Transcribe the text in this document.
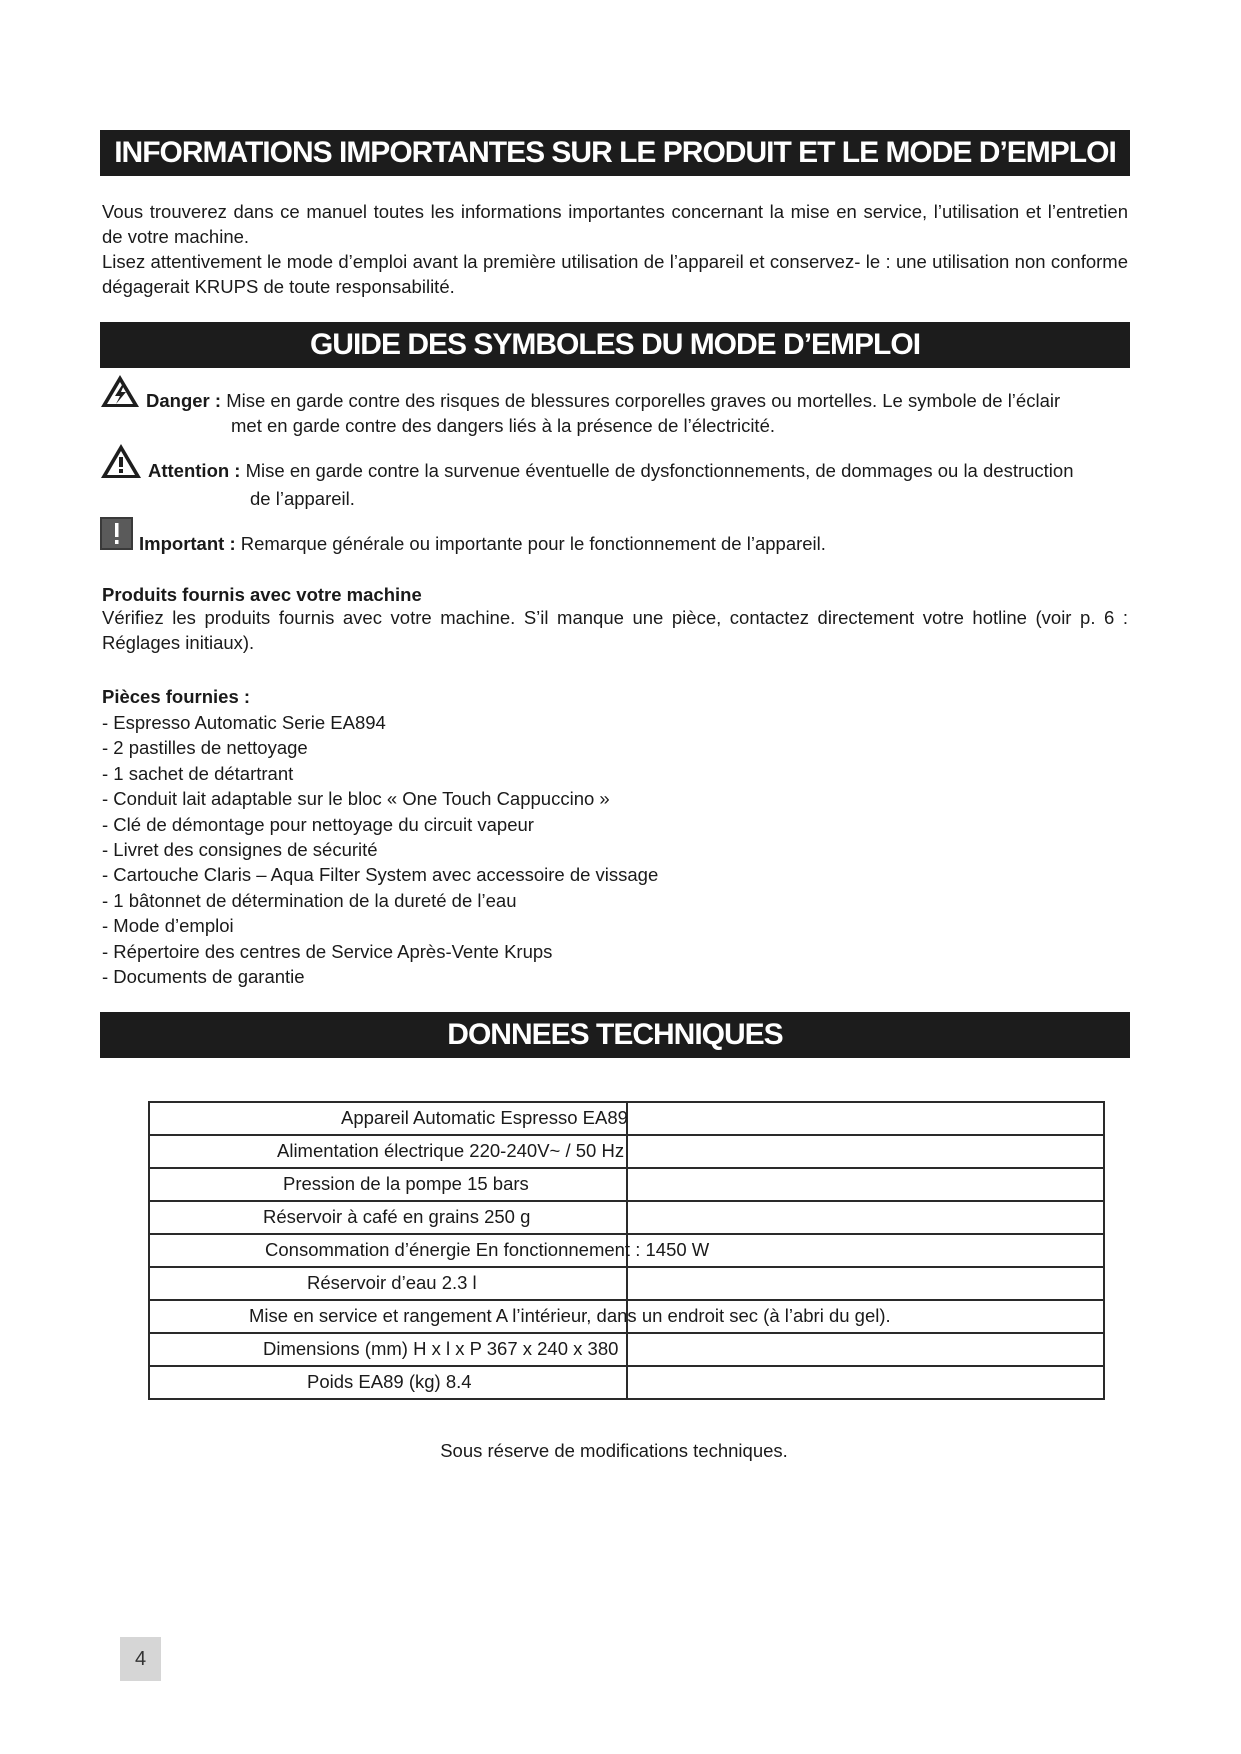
INFORMATIONS IMPORTANTES SUR LE PRODUIT ET LE MODE D’EMPLOI

Vous trouverez dans ce manuel toutes les informations importantes concernant la mise en service, l’utilisation et l’entretien de votre machine.

Lisez attentivement le mode d’emploi avant la première utilisation de l’appareil et conservez- le : une utilisation non conforme dégagerait KRUPS de toute responsabilité.

GUIDE DES SYMBOLES DU MODE D’EMPLOI
Danger : Mise en garde contre des risques de blessures corporelles graves ou mortelles. Le symbole de l’éclair
met en garde contre des dangers liés à la présence de l’électricité.
Attention : Mise en garde contre la survenue éventuelle de dysfonctionnements, de dommages ou la destruction
de l’appareil.
Important : Remarque générale ou importante pour le fonctionnement de l’appareil.
Produits fournis avec votre machine

Vérifiez les produits fournis avec votre machine. S’il manque une pièce, contactez directement votre hotline (voir p. 6 : Réglages initiaux).

Pièces fournies :
- Espresso Automatic Serie EA894
- 2 pastilles de nettoyage
- 1 sachet de détartrant
- Conduit lait adaptable sur le bloc « One Touch Cappuccino »
- Clé de démontage pour nettoyage du circuit vapeur
- Livret des consignes de sécurité
- Cartouche Claris – Aqua Filter System avec accessoire de vissage
- 1 bâtonnet de détermination de la dureté de l’eau
- Mode d’emploi
- Répertoire des centres de Service Après-Vente Krups
- Documents de garantie
DONNEES TECHNIQUES
Appareil Automatic Espresso EA89	

Alimentation électrique 220-240V~ / 50 Hz	

Pression de la pompe 15 bars	

Réservoir à café en grains 250 g	

Consommation d’énergie En fonctionnement : 1450 W	

Réservoir d’eau 2.3 l	

Mise en service et rangement A l’intérieur, dans un endroit sec (à l’abri du gel).	

Dimensions (mm) H x l x P 367 x 240 x 380	

Poids EA89 (kg) 8.4	

Sous réserve de modifications techniques.
4
